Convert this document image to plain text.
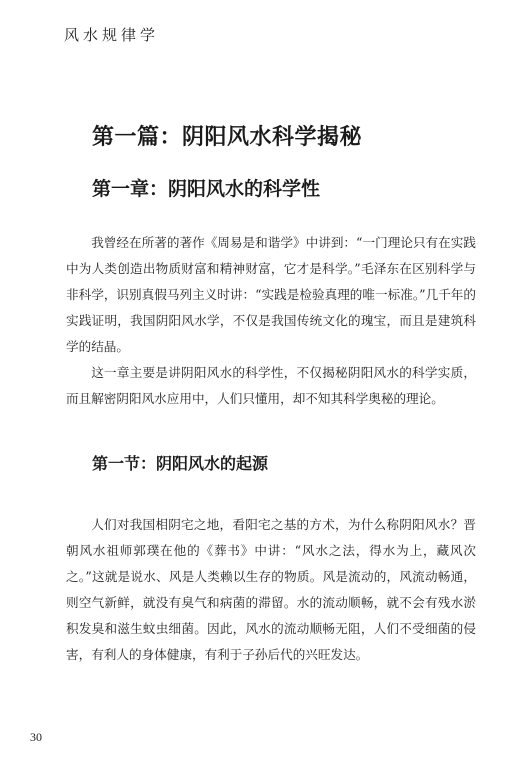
风水规律学
第一篇：阴阳风水科学揭秘
第一章：阴阳风水的科学性

我曾经在所著的著作《周易是和谐学》中讲到：“一门理论只有在实践中为人类创造出物质财富和精神财富，它才是科学。”毛泽东在区别科学与非科学，识别真假马列主义时讲：“实践是检验真理的唯一标准。”几千年的实践证明，我国阴阳风水学，不仅是我国传统文化的瑰宝，而且是建筑科学的结晶。

这一章主要是讲阴阳风水的科学性，不仅揭秘阴阳风水的科学实质，而且解密阴阳风水应用中，人们只懂用，却不知其科学奥秘的理论。

第一节：阴阳风水的起源

人们对我国相阴宅之地，看阳宅之基的方术，为什么称阴阳风水？晋朝风水祖师郭璞在他的《葬书》中讲：“风水之法，得水为上，藏风次之。”这就是说水、风是人类赖以生存的物质。风是流动的，风流动畅通，则空气新鲜，就没有臭气和病菌的滞留。水的流动顺畅，就不会有残水淤积发臭和滋生蚊虫细菌。因此，风水的流动顺畅无阻，人们不受细菌的侵害，有利人的身体健康，有利于子孙后代的兴旺发达。

30
